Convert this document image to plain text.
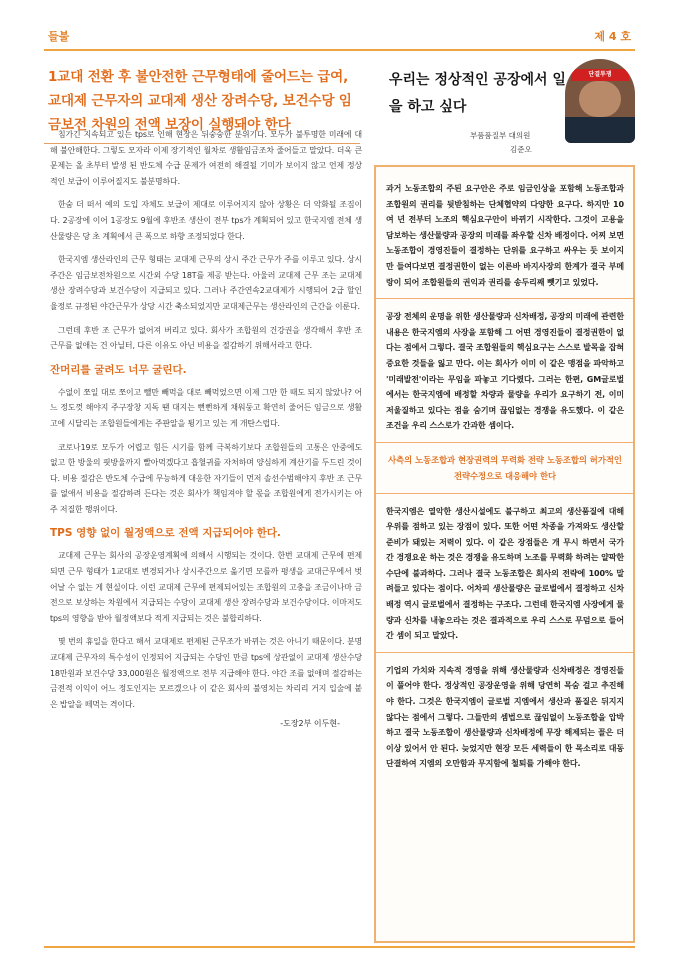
들불	제 4 호
1교대 전환 후 불안전한 근무형태에 줄어드는 급여, 교대제 근무자의 교대제 생산 장려수당, 보건수당 임금보전 차원의 전액 보장이 실행돼야 한다

침가긴 지속되고 있는 tps로 인해 현장은 뒤숭숭한 분위기다. 모두가 불투명한 미래에 대해 불안해한다. 그렇도 모자라 이제 장기적인 월차로 생활임금조차 줄어들고 말았다. 더욱 큰 문제는 올 초부터 발생 된 반도체 수급 문제가 여전히 해결될 기미가 보이지 않고 언제 정상적인 보급이 이루어질지도 불분명하다.

한숨 더 떠서 예의 도입 자체도 보급이 제대로 이루어지지 않아 상황은 더 악화될 조짐이다. 2공장에 이어 1공장도 9월에 후반조 생산이 전부 tps가 계획되어 있고 한국지엠 전체 생산물량은 당 초 계획에서 큰 폭으로 하향 조정되었다 한다.

한국지엠 생산라인의 근무 형태는 교대제 근무의 상시 주간 근무가 주를 이루고 있다. 상시주간은 임금보전차원으로 시간외 수당 18T를 제공 받는다. 아울러 교대제 근무 조는 교대제 생산 장려수당과 보건수당이 지급되고 있다. 그러나 주간연속2교대제가 시행되어 2급 할인율정로 규정된 야간근무가 상당 시간 축소되었지만 교대제근무는 생산라인의 근간을 이룬다.

그런데 후반 조 근무가 없어져 버리고 있다. 회사가 조합원의 건강권을 생각해서 후반 조 근무를 없애는 건 아닐터, 다른 이유도 아닌 비용을 절감하기 위해서라고 한다.

잔머리를 굴려도 너무 굴린다.

수없이 쪼일 대로 쪼이고 뺄만 빼먹을 대로 빼먹었으면 이제 그만 한 때도 되지 않았나? 어느 정도껏 해야지 주구장창 지독 땐 대지는 뻔뻔하게 채워둥고 확연히 줄어든 임금으로 생활고에 시달리는 조합원들에게는 주판알을 튕기고 있는 게 개탄스럽다.

코로나19로 모두가 어렵고 힘든 시기를 함께 극복하기보다 조합원들의 고통은 안중에도 없고 한 방울의 핏방울까지 빨아먹겠다고 흡혈귀를 자처하며 양심하게 계산기를 두드린 것이다. 비용 절감은 반도체 수급에 무능하게 대응한 자기들이 먼저 솔선수범해야지 후반 조 근무를 없애서 비용을 절감하려 든다는 것은 회사가 책임져야 할 몫을 조합원에게 전가시키는 아주 저질한 행위이다.

TPS 영향 없이 월정액으로 전액 지급되어야 한다.

교대제 근무는 회사의 공장운영계획에 의해서 시행되는 것이다. 한번 교대제 근무에 편제되면 근무 형태가 1교대로 변경되거나 상시주간으로 옮기면 모를까 평생을 교대근무에서 벗어날 수 없는 게 현실이다. 이런 교대제 근무에 편제되어있는 조합원의 고충을 조금이나마 금전으로 보상하는 차원에서 지급되는 수당이 교대제 생산 장려수당과 보건수당이다. 이마저도 tps의 영향을 받아 월정액보다 적게 지급되는 것은 불합리하다.

몇 번의 휴일을 한다고 해서 교대제로 편제된 근무조가 바뀌는 것은 아니기 때문이다. 분명 교대제 근무자의 특수성이 인정되어 지급되는 수당인 만큼 tps에 상관없이 교대제 생산수당 18만원과 보건수당 33,000원은 월정액으로 전부 지급해야 한다. 야간 조를 없애며 절감하는 금전적 이익이 어느 정도인지는 모르겠으나 이 같은 회사의 불영치는 차리리 거지 입술에 붙은 밥알을 떼먹는 격이다.

-도장2부 이두현-
우리는 정상적인 공장에서 일을 하고 싶다
단결투쟁
부품품질부 대의원
김준오

과거 노동조합의 주된 요구안은 주로 임금인상을 포함해 노동조합과 조합원의 권리를 뒷받침하는 단체협약의 다양한 요구다. 하지만 10여 년 전부터 노조의 핵심요구안이 바뀌기 시작한다. 그것이 고용을 담보하는 생산물량과 공장의 미래를 좌우할 신차 배정이다. 어찌 보면 노동조합이 경영진들이 결정하는 단위를 요구하고 싸우는 듯 보이지만 들여다보면 결정권한이 없는 이른바 바지사장의 한계가 결국 부메랑이 되어 조합원들의 권익과 권리를 송두리째 뺏기고 있었다.

공장 전체의 운명을 위한 생산물량과 신차배정, 공장의 미래에 관련한 내용은 한국지엠의 사장을 포함해 그 어떤 경영진들이 결정권한이 없다는 점에서 그렇다. 결국 조합원들의 핵심요구는 스스로 발목을 잡혀 중요한 것들을 잃고 만다. 이는 회사가 이미 이 같은 맹점을 파악하고 '미래발전'이라는 무임을 파놓고 기다렸다. 그러는 한편, GM글로벌에서는 한국지엠에 배정할 차량과 물량을 우리가 요구하기 전, 이미 저울질하고 있다는 점을 숨기며 끊임없는 경쟁을 유도했다. 이 같은 조건을 우리 스스로가 간과한 셈이다.

사측의 노동조합과 현장권력의 무력화 전략 노동조합의 허가적인 전략수정으로 대응해야 한다

한국지엠은 열악한 생산시설에도 불구하고 최고의 생산품질에 대해 우위를 점하고 있는 장점이 있다. 또한 어떤 차종을 가져와도 생산할 준비가 돼있는 저력이 있다. 이 같은 장점들은 개 무시 하면서 국가 간 경쟁요운 하는 것은 경쟁을 유도하며 노조를 무력화 하려는 얄팍한 수단에 불과하다. 그러나 결국 노동조합은 회사의 전략에 100% 말려들고 있다는 점이다. 어차피 생산물량은 글로벌에서 결정하고 신차배정 역시 글로벌에서 결정하는 구조다. 그런데 한국지엠 사장에게 물량과 신차를 내놓으라는 것은 결과적으로 우리 스스로 무덤으로 들어간 셈이 되고 말았다.

기업의 가치와 지속적 경영을 위해 생산물량과 신차배정은 경영진들이 풀어야 한다. 정상적인 공장운영을 위해 당연히 목숨 걸고 추진해야 한다. 그것은 한국지엠이 글로벌 지엠에서 생산과 품질은 뒤지지 않다는 점에서 그렇다. 그들만의 셈법으로 끊임없이 노동조합을 압박하고 결국 노동조합이 생산물량과 신차배정에 무장 해제되는 꼴은 더 이상 있어서 안 된다. 늦었지만 현장 모든 세력들이 한 목소리로 대동단결하여 지엠의 오만함과 무지함에 철퇴를 가해야 한다.
